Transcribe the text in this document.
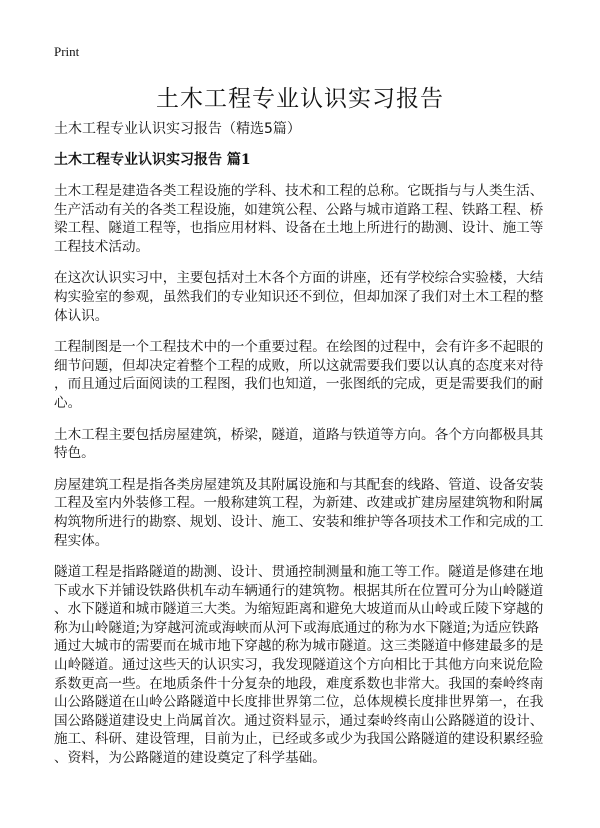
Print
土木工程专业认识实习报告
土木工程专业认识实习报告（精选5篇）
土木工程专业认识实习报告 篇1
土木工程是建造各类工程设施的学科、技术和工程的总称。它既指与与人类生活、
生产活动有关的各类工程设施，如建筑公程、公路与城市道路工程、铁路工程、桥
梁工程、隧道工程等，也指应用材料、设备在土地上所进行的勘测、设计、施工等
工程技术活动。
在这次认识实习中，主要包括对土木各个方面的讲座，还有学校综合实验楼，大结
构实验室的参观，虽然我们的专业知识还不到位，但却加深了我们对土木工程的整
体认识。
工程制图是一个工程技术中的一个重要过程。在绘图的过程中，会有许多不起眼的
细节问题，但却决定着整个工程的成败，所以这就需要我们要以认真的态度来对待
，而且通过后面阅读的工程图，我们也知道，一张图纸的完成，更是需要我们的耐
心。
土木工程主要包括房屋建筑，桥梁，隧道，道路与铁道等方向。各个方向都极具其
特色。
房屋建筑工程是指各类房屋建筑及其附属设施和与其配套的线路、管道、设备安装
工程及室内外装修工程。一般称建筑工程，为新建、改建或扩建房屋建筑物和附属
构筑物所进行的勘察、规划、设计、施工、安装和维护等各项技术工作和完成的工
程实体。
隧道工程是指路隧道的勘测、设计、贯通控制测量和施工等工作。隧道是修建在地
下或水下并铺设铁路供机车动车辆通行的建筑物。根据其所在位置可分为山岭隧道
、水下隧道和城市隧道三大类。为缩短距离和避免大坡道而从山岭或丘陵下穿越的
称为山岭隧道;为穿越河流或海峡而从河下或海底通过的称为水下隧道;为适应铁路
通过大城市的需要而在城市地下穿越的称为城市隧道。这三类隧道中修建最多的是
山岭隧道。通过这些天的认识实习，我发现隧道这个方向相比于其他方向来说危险
系数更高一些。在地质条件十分复杂的地段，难度系数也非常大。我国的秦岭终南
山公路隧道在山岭公路隧道中长度排世界第二位，总体规模长度排世界第一，在我
国公路隧道建设史上尚属首次。通过资料显示，通过秦岭终南山公路隧道的设计、
施工、科研、建设管理，目前为止，已经或多或少为我国公路隧道的建设积累经验
、资料，为公路隧道的建设奠定了科学基础。
